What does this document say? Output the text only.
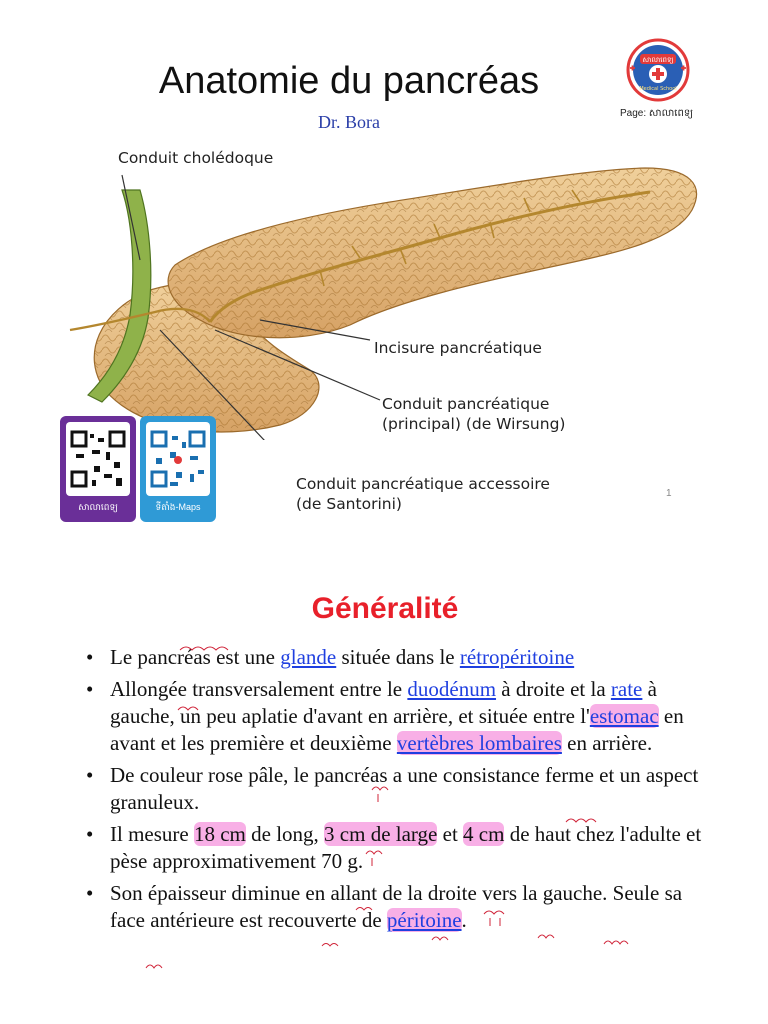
Anatomie du pancréas
Dr. Bora
សាលាពេទ្យ
Medical School
Page: សាលាពេទ្យ
Conduit cholédoque
Incisure pancréatique
Conduit pancréatique
(principal) (de Wirsung)
Conduit pancréatique accessoire
(de Santorini)
សាលាពេទ្យ	ទីតាំង-Maps
1
Généralité
• Le pancréas est une glande située dans le rétropéritoine
• Allongée transversalement entre le duodénum à droite et la rate à gauche, un peu aplatie d'avant en arrière, et située entre l'estomac en avant et les première et deuxième vertèbres lombaires en arrière.
• De couleur rose pâle, le pancréas a une consistance ferme et un aspect granuleux.
• Il mesure 18 cm de long, 3 cm de large et 4 cm de haut chez l'adulte et pèse approximativement 70 g.
• Son épaisseur diminue en allant de la droite vers la gauche. Seule sa face antérieure est recouverte de péritoine.
